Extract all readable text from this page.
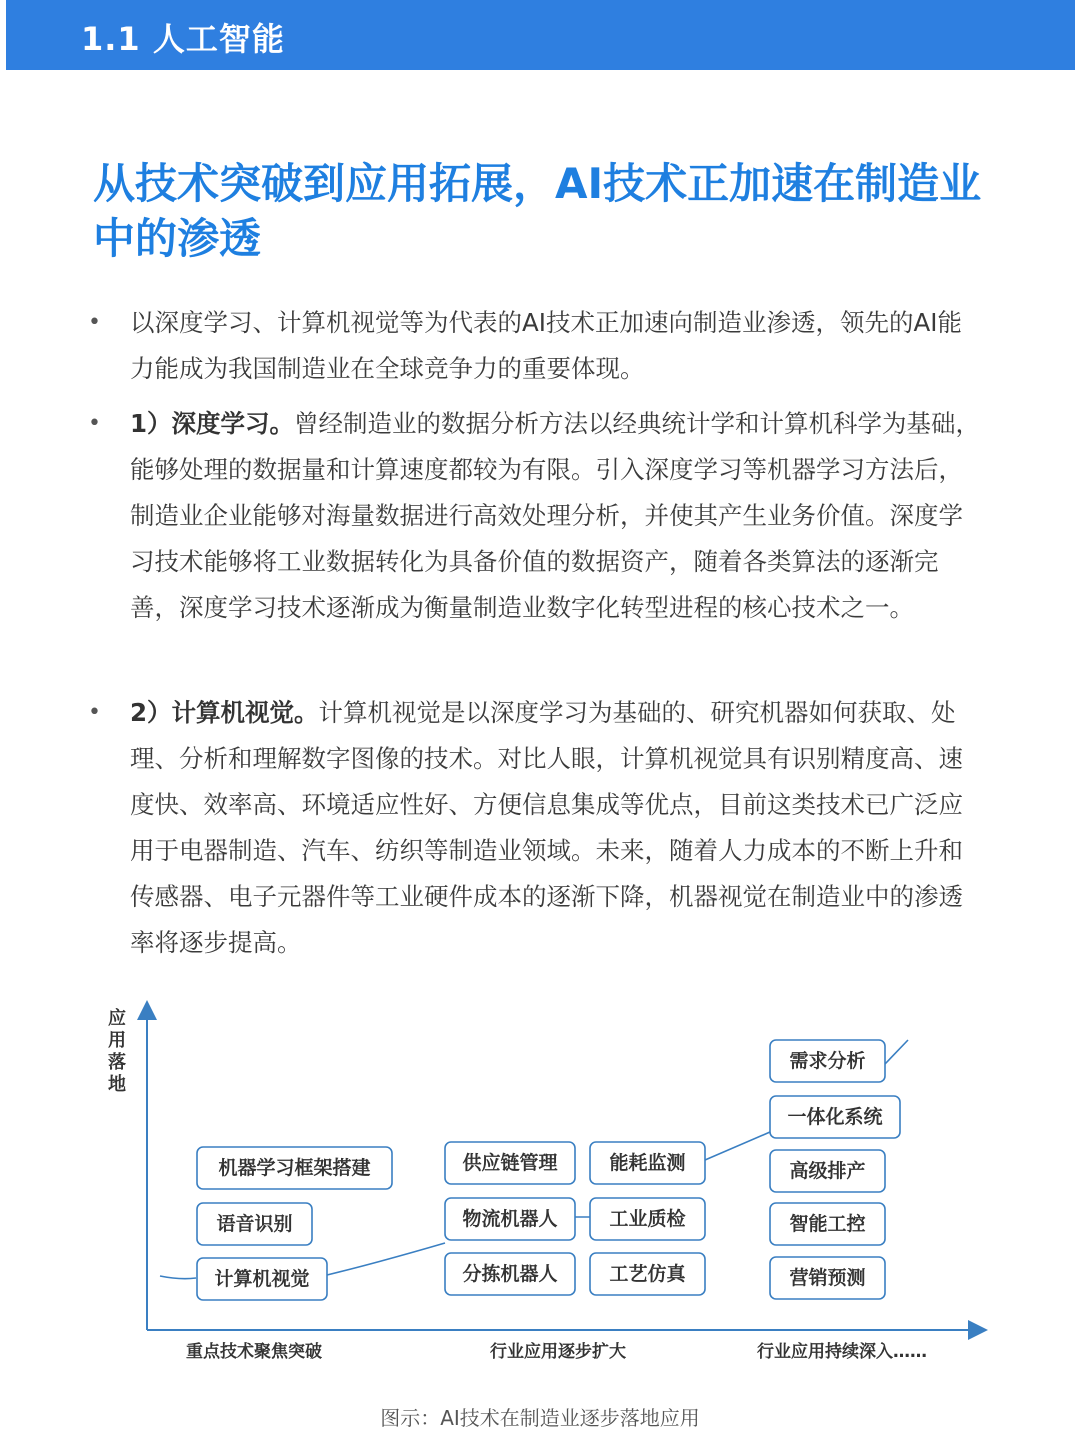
1.1 人工智能
从技术突破到应用拓展，AI技术正加速在制造业中的渗透
• 以深度学习、计算机视觉等为代表的AI技术正加速向制造业渗透，领先的AI能力能成为我国制造业在全球竞争力的重要体现。
• 1）深度学习。曾经制造业的数据分析方法以经典统计学和计算机科学为基础，能够处理的数据量和计算速度都较为有限。引入深度学习等机器学习方法后，制造业企业能够对海量数据进行高效处理分析，并使其产生业务价值。深度学习技术能够将工业数据转化为具备价值的数据资产，随着各类算法的逐渐完善，深度学习技术逐渐成为衡量制造业数字化转型进程的核心技术之一。
• 2）计算机视觉。计算机视觉是以深度学习为基础的、研究机器如何获取、处理、分析和理解数字图像的技术。对比人眼，计算机视觉具有识别精度高、速度快、效率高、环境适应性好、方便信息集成等优点，目前这类技术已广泛应用于电器制造、汽车、纺织等制造业领域。未来，随着人力成本的不断上升和传感器、电子元器件等工业硬件成本的逐渐下降，机器视觉在制造业中的渗透率将逐步提高。
应用落地
机器学习框架搭建
语音识别
计算机视觉
供应链管理
物流机器人
分拣机器人
能耗监测
工业质检
工艺仿真
需求分析
一体化系统
高级排产
智能工控
营销预测
重点技术聚焦突破	行业应用逐步扩大	行业应用持续深入……
图示：AI技术在制造业逐步落地应用
